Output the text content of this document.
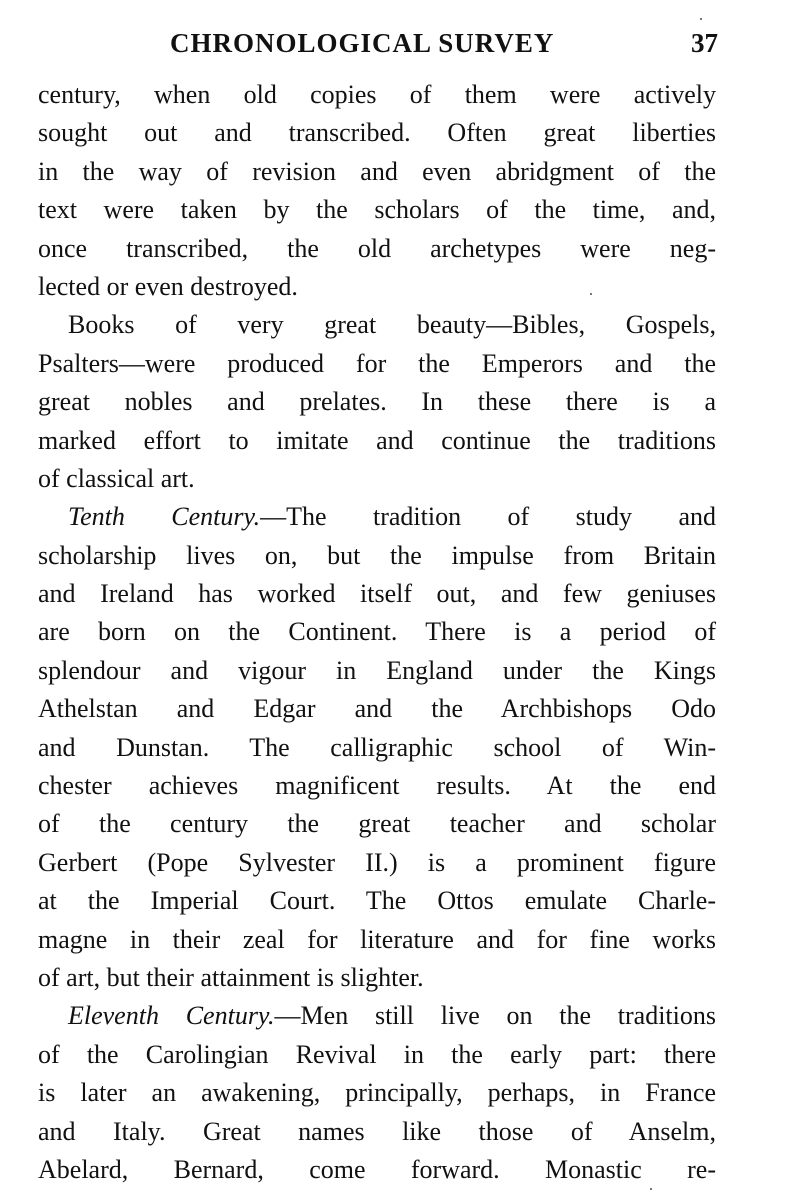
CHRONOLOGICAL SURVEY	37
century, when old copies of them were actively
sought out and transcribed. Often great liberties
in the way of revision and even abridgment of the
text were taken by the scholars of the time, and,
once transcribed, the old archetypes were neg-
lected or even destroyed.
Books of very great beauty—Bibles, Gospels,
Psalters—were produced for the Emperors and the
great nobles and prelates. In these there is a
marked effort to imitate and continue the traditions
of classical art.
Tenth Century.—The tradition of study and
scholarship lives on, but the impulse from Britain
and Ireland has worked itself out, and few geniuses
are born on the Continent. There is a period of
splendour and vigour in England under the Kings
Athelstan and Edgar and the Archbishops Odo
and Dunstan. The calligraphic school of Win-
chester achieves magnificent results. At the end
of the century the great teacher and scholar
Gerbert (Pope Sylvester II.) is a prominent figure
at the Imperial Court. The Ottos emulate Charle-
magne in their zeal for literature and for fine works
of art, but their attainment is slighter.
Eleventh Century.—Men still live on the traditions
of the Carolingian Revival in the early part: there
is later an awakening, principally, perhaps, in France
and Italy. Great names like those of Anselm,
Abelard, Bernard, come forward. Monastic re-
